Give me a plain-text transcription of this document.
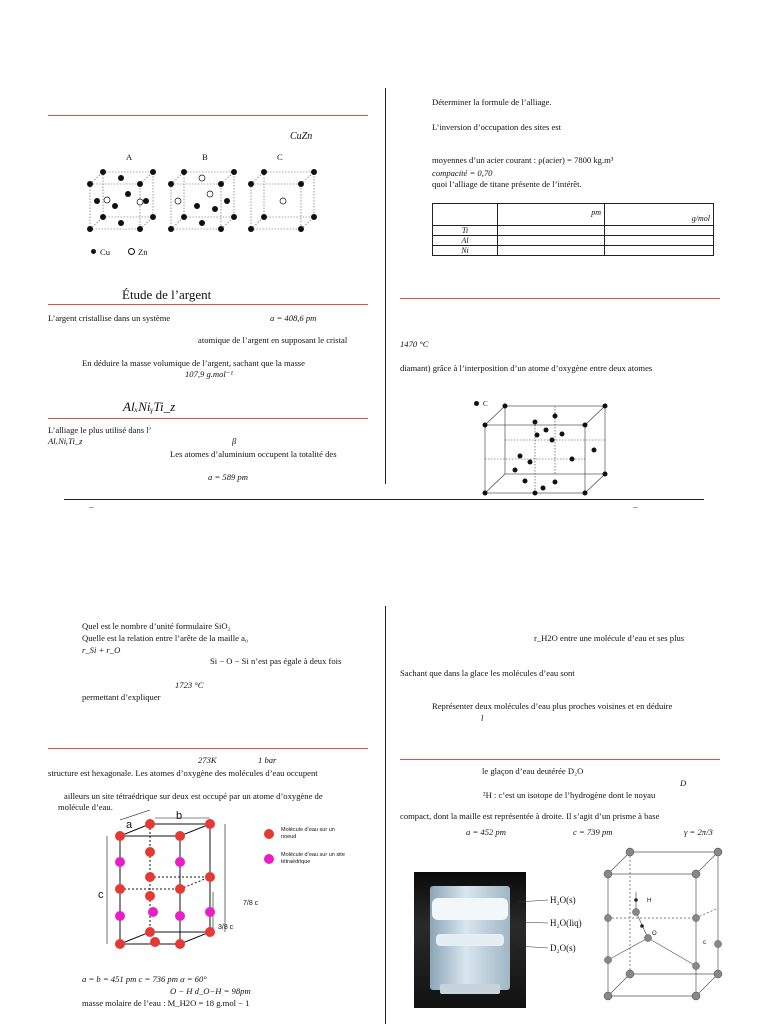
CuZn
A	B	C
Cu	Zn
Étude de l’argent
L’argent cristallise dans un système	a = 408,6 pm
atomique de l’argent en supposant le cristal
En déduire la masse volumique de l’argent, sachant que la masse
107,9 g.mol⁻¹
AlₓNiᵧTi_z
L’alliage le plus utilisé dans l’
AlₓNiᵧTi_z	β
Les atomes d’aluminium occupent la totalité des
a = 589 pm
Déterminer la formule de l’alliage.
L’inversion d’occupation des sites est
moyennes d’un acier courant : ρ(acier) = 7800 kg.m³
compacité = 0,70
quoi l’alliage de titane présente de l’intérêt.
	pm	g/mol
Ti		
Al		
Ni		
1470 °C
diamant) grâce à l’interposition d’un atome d’oxygène entre deux atomes
C
–	–
Quel est le nombre d’unité formulaire SiO₂
Quelle est la relation entre l’arête de la maille a₀
r_Si + r_O
Si − O − Si n’est pas égale à deux fois
1723 °C
permettant d’expliquer
273K	1 bar
structure est hexagonale. Les atomes d’oxygène des molécules d’eau occupent
ailleurs un site tétraédrique sur deux est occupé par un atome d’oxygène de
molécule d’eau.
a
b
c
7/8 c
3/8 c
Molécule d’eau sur un noeud
Molécule d’eau sur un site tétraédrique
a = b = 451 pm c = 736 pm α = 60°
O − H d_O−H = 98pm
masse molaire de l’eau : M_H2O = 18 g.mol − 1
r_H2O entre une molécule d’eau et ses plus
Sachant que dans la glace les molécules d’eau sont
Représenter deux molécules d’eau plus proches voisines et en déduire
l
le glaçon d’eau deutérée D₂O
D
²H : c’est un isotope de l’hydrogène dont le noyau
compact, dont la maille est représentée à droite. Il s’agit d’un prisme à base
a = 452 pm	c = 739 pm	γ = 2π/3
H₂O(s)
H₂O(liq)
D₂O(s)
H
O
c
